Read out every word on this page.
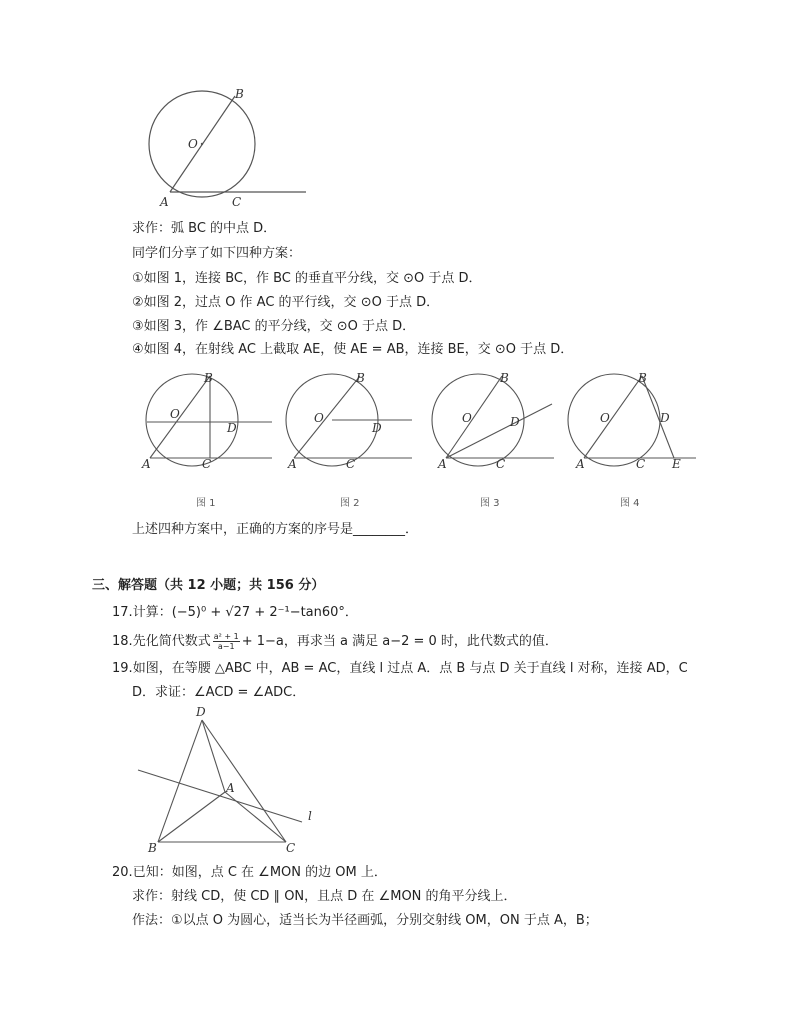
B
O
A	C
求作：弧 BC 的中点 D．
同学们分享了如下四种方案：
①如图 1，连接 BC，作 BC 的垂直平分线，交 ⊙O 于点 D．
②如图 2，过点 O 作 AC 的平行线，交 ⊙O 于点 D．
③如图 3，作 ∠BAC 的平分线，交 ⊙O 于点 D．
④如图 4，在射线 AC 上截取 AE，使 AE = AB，连接 BE，交 ⊙O 于点 D．
B
O
D
A	C
图 1
B
O
D
A	C
图 2
B
O	D
A	C
图 3
B
O	D
A	C E
图 4
上述四种方案中，正确的方案的序号是________．
三、解答题（共 12 小题；共 156 分）
17.计算：(−5)⁰ + √27 + 2⁻¹−tan60°．
18.先化简代数式 $\frac{\text{a² + 1}}{a-1} + 1-a$，再求当 a 满足 a−2 = 0 时，此代数式的值．
19.如图，在等腰 △ABC 中，AB = AC，直线 l 过点 A．点 B 与点 D 关于直线 l 对称，连接 AD，C
D．求证：∠ACD = ∠ADC．
D
A
B	C
l
20.已知：如图，点 C 在 ∠MON 的边 OM 上．
求作：射线 CD，使 CD ∥ ON，且点 D 在 ∠MON 的角平分线上．
作法：①以点 O 为圆心，适当长为半径画弧，分别交射线 OM，ON 于点 A，B；
